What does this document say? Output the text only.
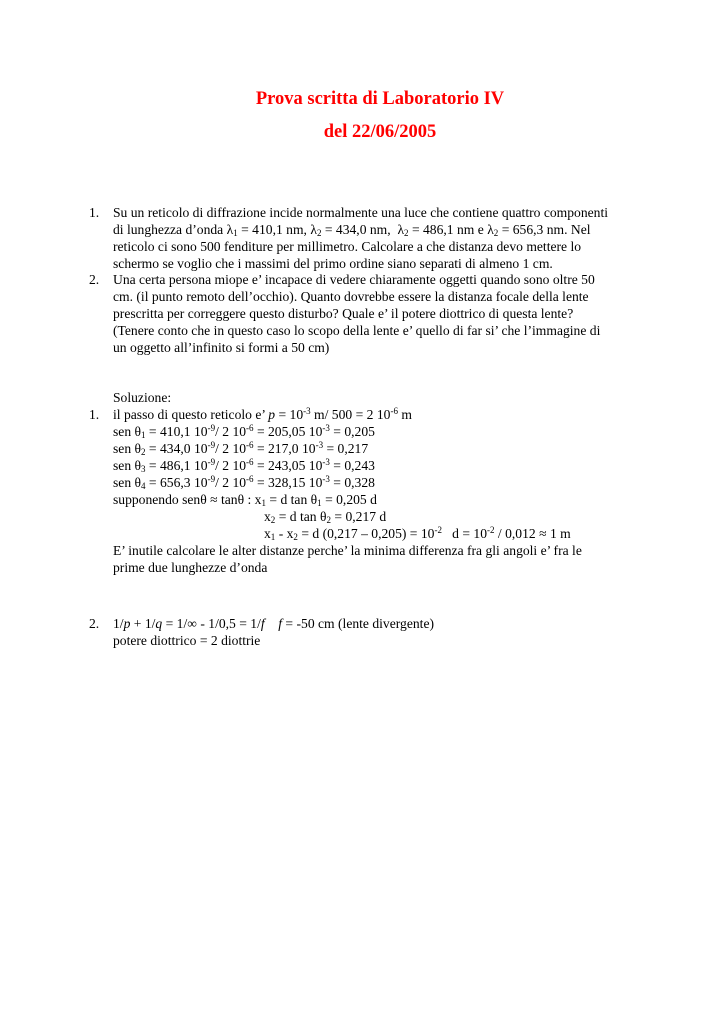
Prova scritta di Laboratorio IV
del 22/06/2005
1. Su un reticolo di diffrazione incide normalmente una luce che contiene quattro componenti
di lunghezza d’onda $\lambda_1 = 410,1$ nm, $\lambda_2 = 434,0$ nm,  $\lambda_2 = 486,1$ nm e $\lambda_2 = 656,3$ nm. Nel
reticolo ci sono 500 fenditure per millimetro. Calcolare a che distanza devo mettere lo
schermo se voglio che i massimi del primo ordine siano separati di almeno 1 cm.
2. Una certa persona miope e’ incapace di vedere chiaramente oggetti quando sono oltre 50
cm. (il punto remoto dell’occhio). Quanto dovrebbe essere la distanza focale della lente
prescritta per correggere questo disturbo? Quale e’ il potere diottrico di questa lente?
(Tenere conto che in questo caso lo scopo della lente e’ quello di far si’ che l’immagine di
un oggetto all’infinito si formi a 50 cm)
Soluzione:
1. il passo di questo reticolo e’ $p = 10^{-3}$ m/ 500 = 2 $10^{-6}$ m
sen $\theta_1 = 410,1$ $10^{-9}/$ 2 $10^{-6} = 205,05$ $10^{-3} = 0,205$
sen $\theta_2 = 434,0$ $10^{-9}/$ 2 $10^{-6} = 217,0$ $10^{-3} = 0,217$
sen $\theta_3 = 486,1$ $10^{-9}/$ 2 $10^{-6} = 243,05$ $10^{-3} = 0,243$
sen $\theta_4 = 656,3$ $10^{-9}/$ 2 $10^{-6} = 328,15$ $10^{-3} = 0,328$
supponendo senθ ≈ tanθ : $x_1 = d$ $\tan \theta_1 = 0,205$ d
$x_2 = d$ $\tan \theta_2 = 0,217$ d
$x_1 - x_2 = d$ $(0,217 - 0,205) = 10^{-2}$   $d = 10^{-2} / 0,012 \approx 1$ m
E’ inutile calcolare le alter distanze perche’ la minima differenza fra gli angoli e’ fra le
prime due lunghezze d’onda
2. 1/p + 1/q = 1/∞ - 1/0,5 = 1/f f = -50 cm (lente divergente)
potere diottrico = 2 diottrie
